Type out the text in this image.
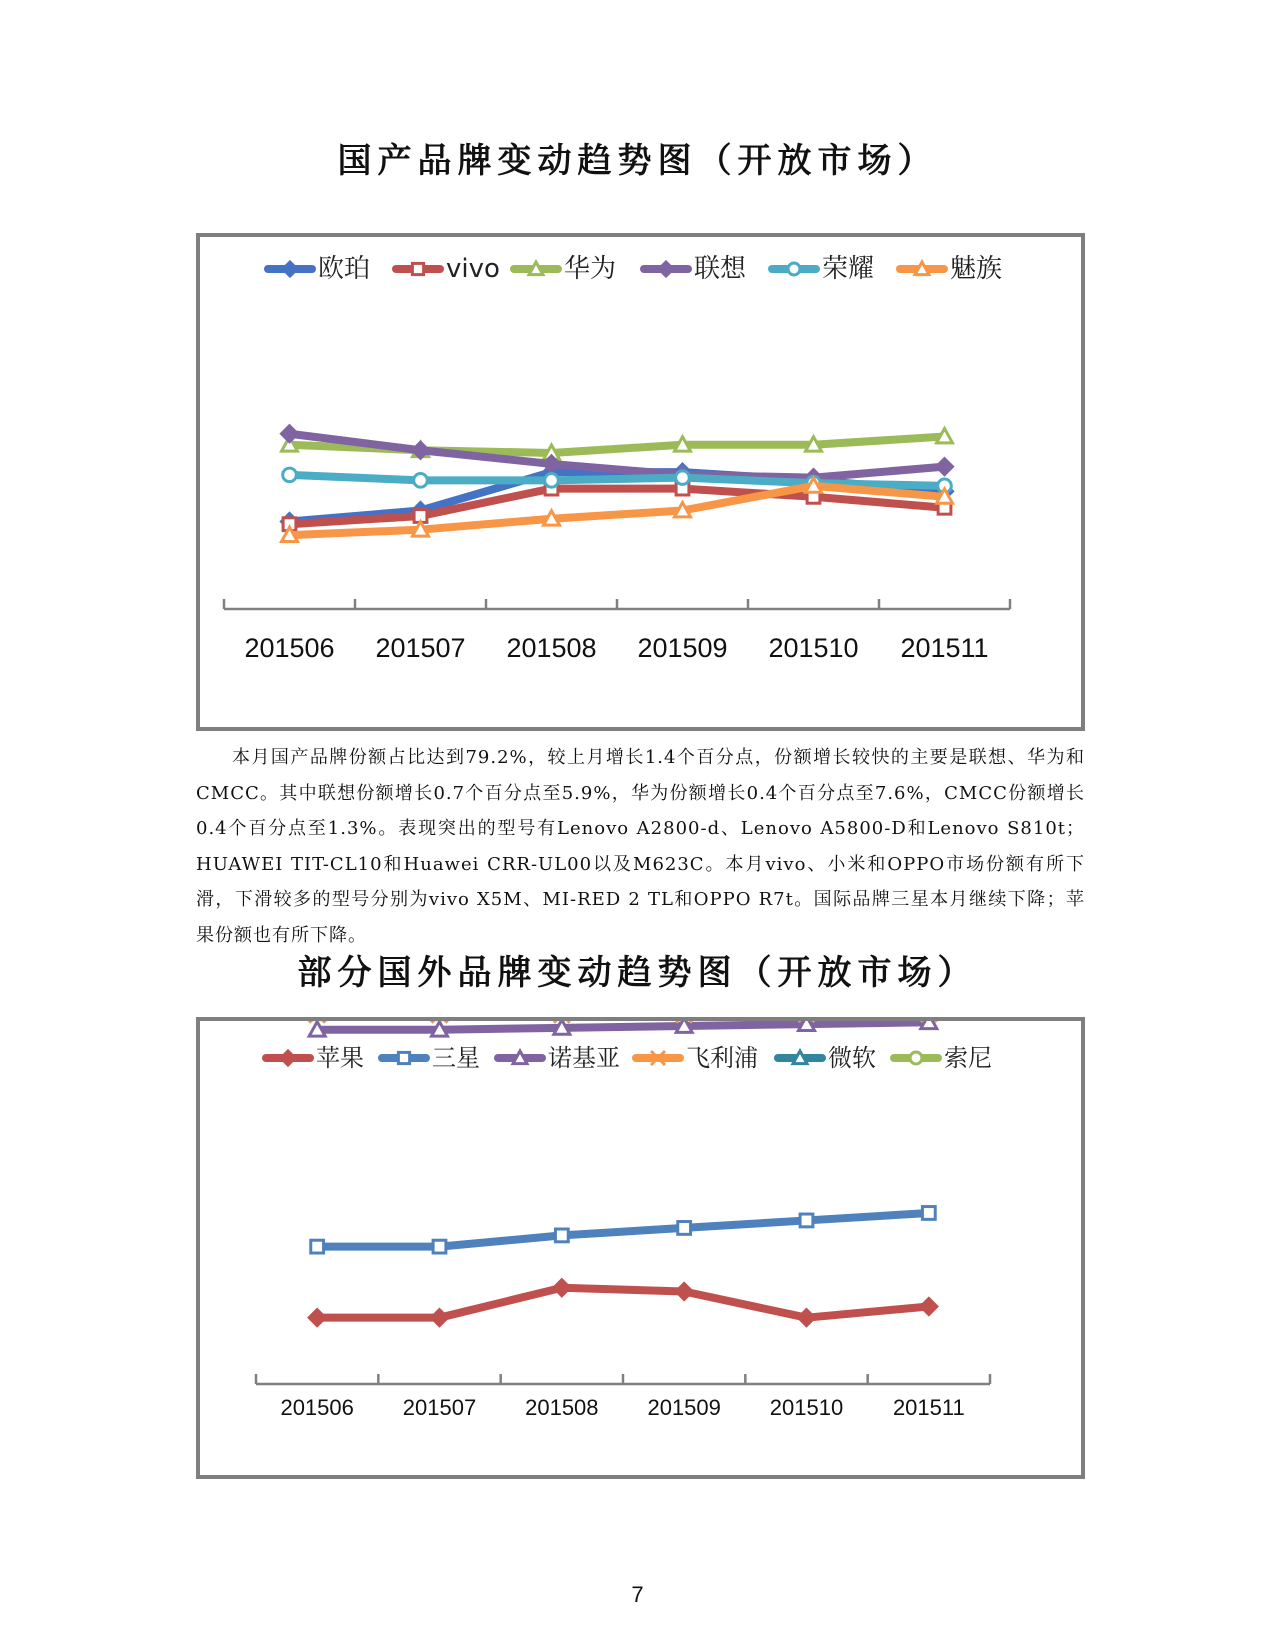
国产品牌变动趋势图（开放市场）
欧珀	vivo 华为	联想	荣耀	魅族
201506 201507 201508 201509 201510 201511
本月国产品牌份额占比达到79.2%，较上月增长1.4个百分点，份额增长较快的主要是联想、华为和CMCC。其中联想份额增长0.7个百分点至5.9%，华为份额增长0.4个百分点至7.6%，CMCC份额增长0.4个百分点至1.3%。表现突出的型号有Lenovo A2800-d、Lenovo A5800-D和Lenovo S810t；HUAWEI TIT-CL10和Huawei CRR-UL00以及M623C。本月vivo、小米和OPPO市场份额有所下滑，下滑较多的型号分别为vivo X5M、MI-RED 2 TL和OPPO R7t。国际品牌三星本月继续下降；苹果份额也有所下降。
部分国外品牌变动趋势图（开放市场）
苹果	三星	诺基亚	飞利浦	微软	索尼
201506 201507 201508 201509 201510 201511
7
